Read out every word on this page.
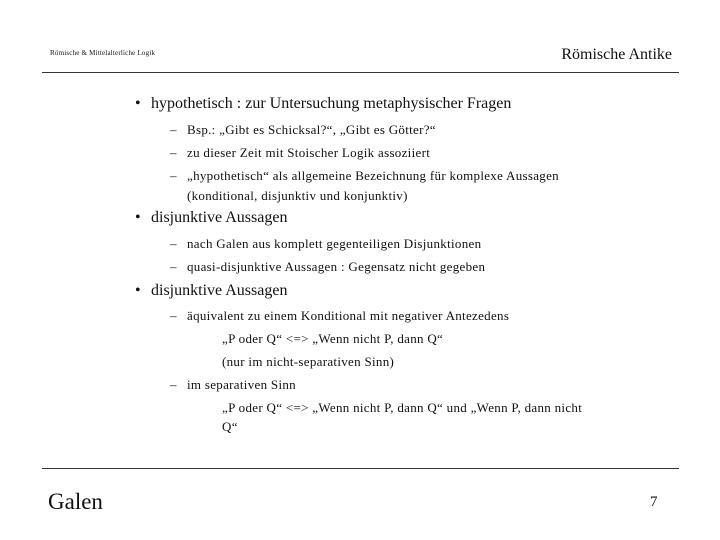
Römische & Mittelalterliche Logik	Römische Antike
• hypothetisch : zur Untersuchung metaphysischer Fragen
– Bsp.: „Gibt es Schicksal?“, „Gibt es Götter?“
– zu dieser Zeit mit Stoischer Logik assoziiert
– „hypothetisch“ als allgemeine Bezeichnung für komplexe Aussagen
(konditional, disjunktiv und konjunktiv)
• disjunktive Aussagen
– nach Galen aus komplett gegenteiligen Disjunktionen
– quasi-disjunktive Aussagen : Gegensatz nicht gegeben
• disjunktive Aussagen
– äquivalent zu einem Konditional mit negativer Antezedens
„P oder Q“ <=> „Wenn nicht P, dann Q“
(nur im nicht-separativen Sinn)
– im separativen Sinn
„P oder Q“ <=> „Wenn nicht P, dann Q“ und „Wenn P, dann nicht
Q“
Galen	7
